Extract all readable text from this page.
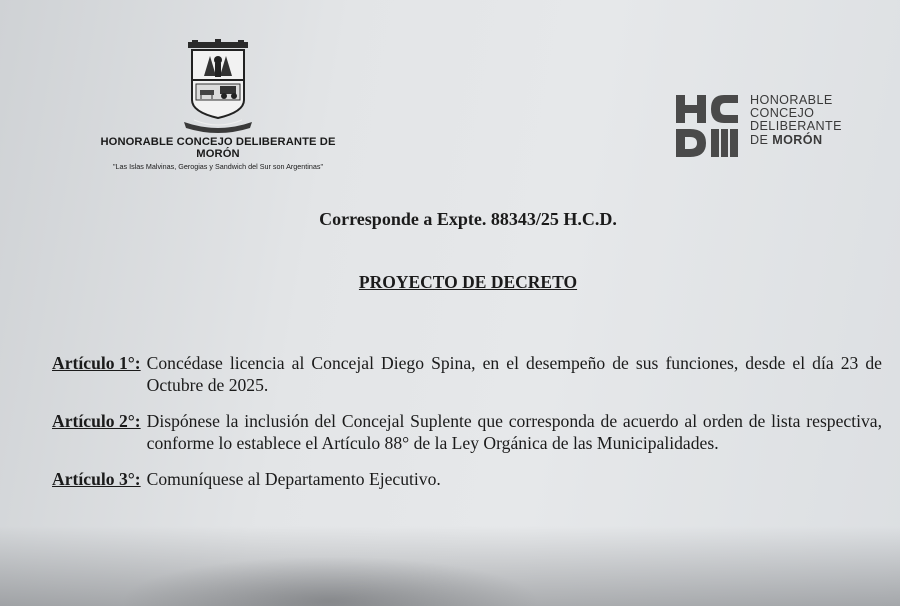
HONORABLE CONCEJO DELIBERANTE DE MORÓN
"Las Islas Malvinas, Gerogias y Sandwich del Sur son Argentinas"
HONORABLE
CONCEJO
DELIBERANTE
DE MORÓN
Corresponde a Expte. 88343/25 H.C.D.
PROYECTO DE DECRETO
Artículo 1°: Concédase licencia al Concejal Diego Spina, en el desempeño de sus funciones, desde el día 23 de Octubre de 2025.
Artículo 2°: Dispónese la inclusión del Concejal Suplente que corresponda de acuerdo al orden de lista respectiva, conforme lo establece el Artículo 88° de la Ley Orgánica de las Municipalidades.
Artículo 3°: Comuníquese al Departamento Ejecutivo.
